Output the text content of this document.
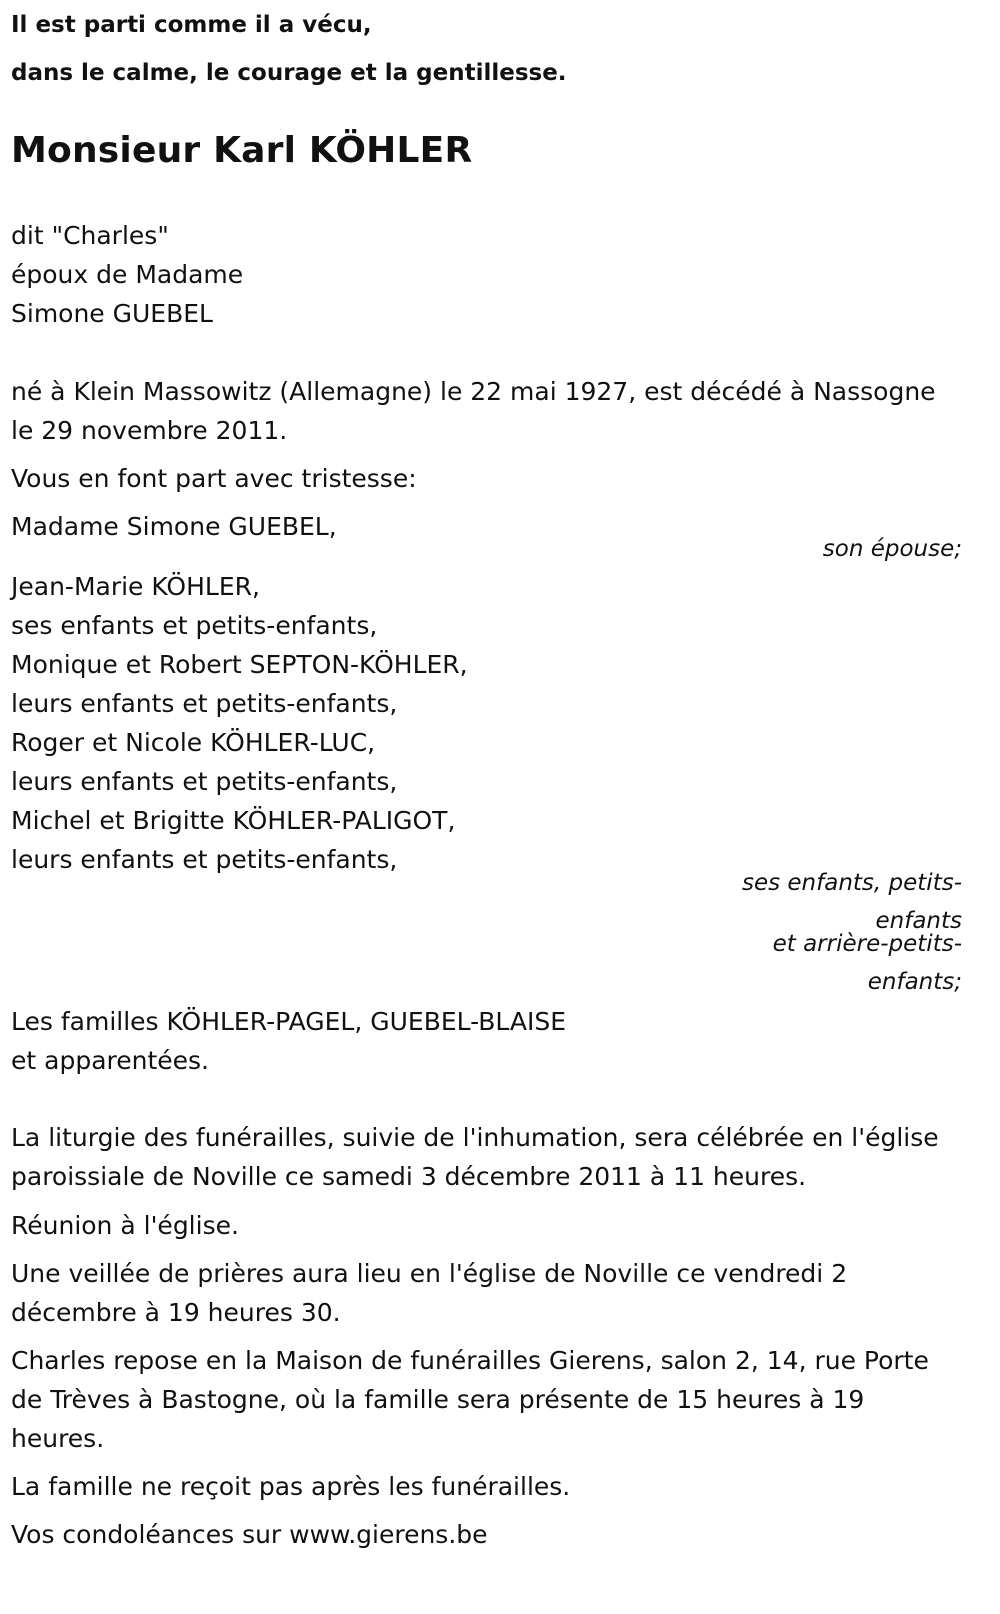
Il est parti comme il a vécu,
dans le calme, le courage et la gentillesse.
Monsieur Karl KÖHLER
dit "Charles"
époux de Madame
Simone GUEBEL
né à Klein Massowitz (Allemagne) le 22 mai 1927, est décédé à Nassogne
le 29 novembre 2011.
Vous en font part avec tristesse:
Madame Simone GUEBEL,
son épouse;
Jean-Marie KÖHLER,
ses enfants et petits-enfants,
Monique et Robert SEPTON-KÖHLER,
leurs enfants et petits-enfants,
Roger et Nicole KÖHLER-LUC,
leurs enfants et petits-enfants,
Michel et Brigitte KÖHLER-PALIGOT,
leurs enfants et petits-enfants,
ses enfants, petits-
enfants
et arrière-petits-
enfants;
Les familles KÖHLER-PAGEL, GUEBEL-BLAISE
et apparentées.
La liturgie des funérailles, suivie de l'inhumation, sera célébrée en l'église
paroissiale de Noville ce samedi 3 décembre 2011 à 11 heures.
Réunion à l'église.
Une veillée de prières aura lieu en l'église de Noville ce vendredi 2
décembre à 19 heures 30.
Charles repose en la Maison de funérailles Gierens, salon 2, 14, rue Porte
de Trèves à Bastogne, où la famille sera présente de 15 heures à 19
heures.
La famille ne reçoit pas après les funérailles.
Vos condoléances sur www.gierens.be
